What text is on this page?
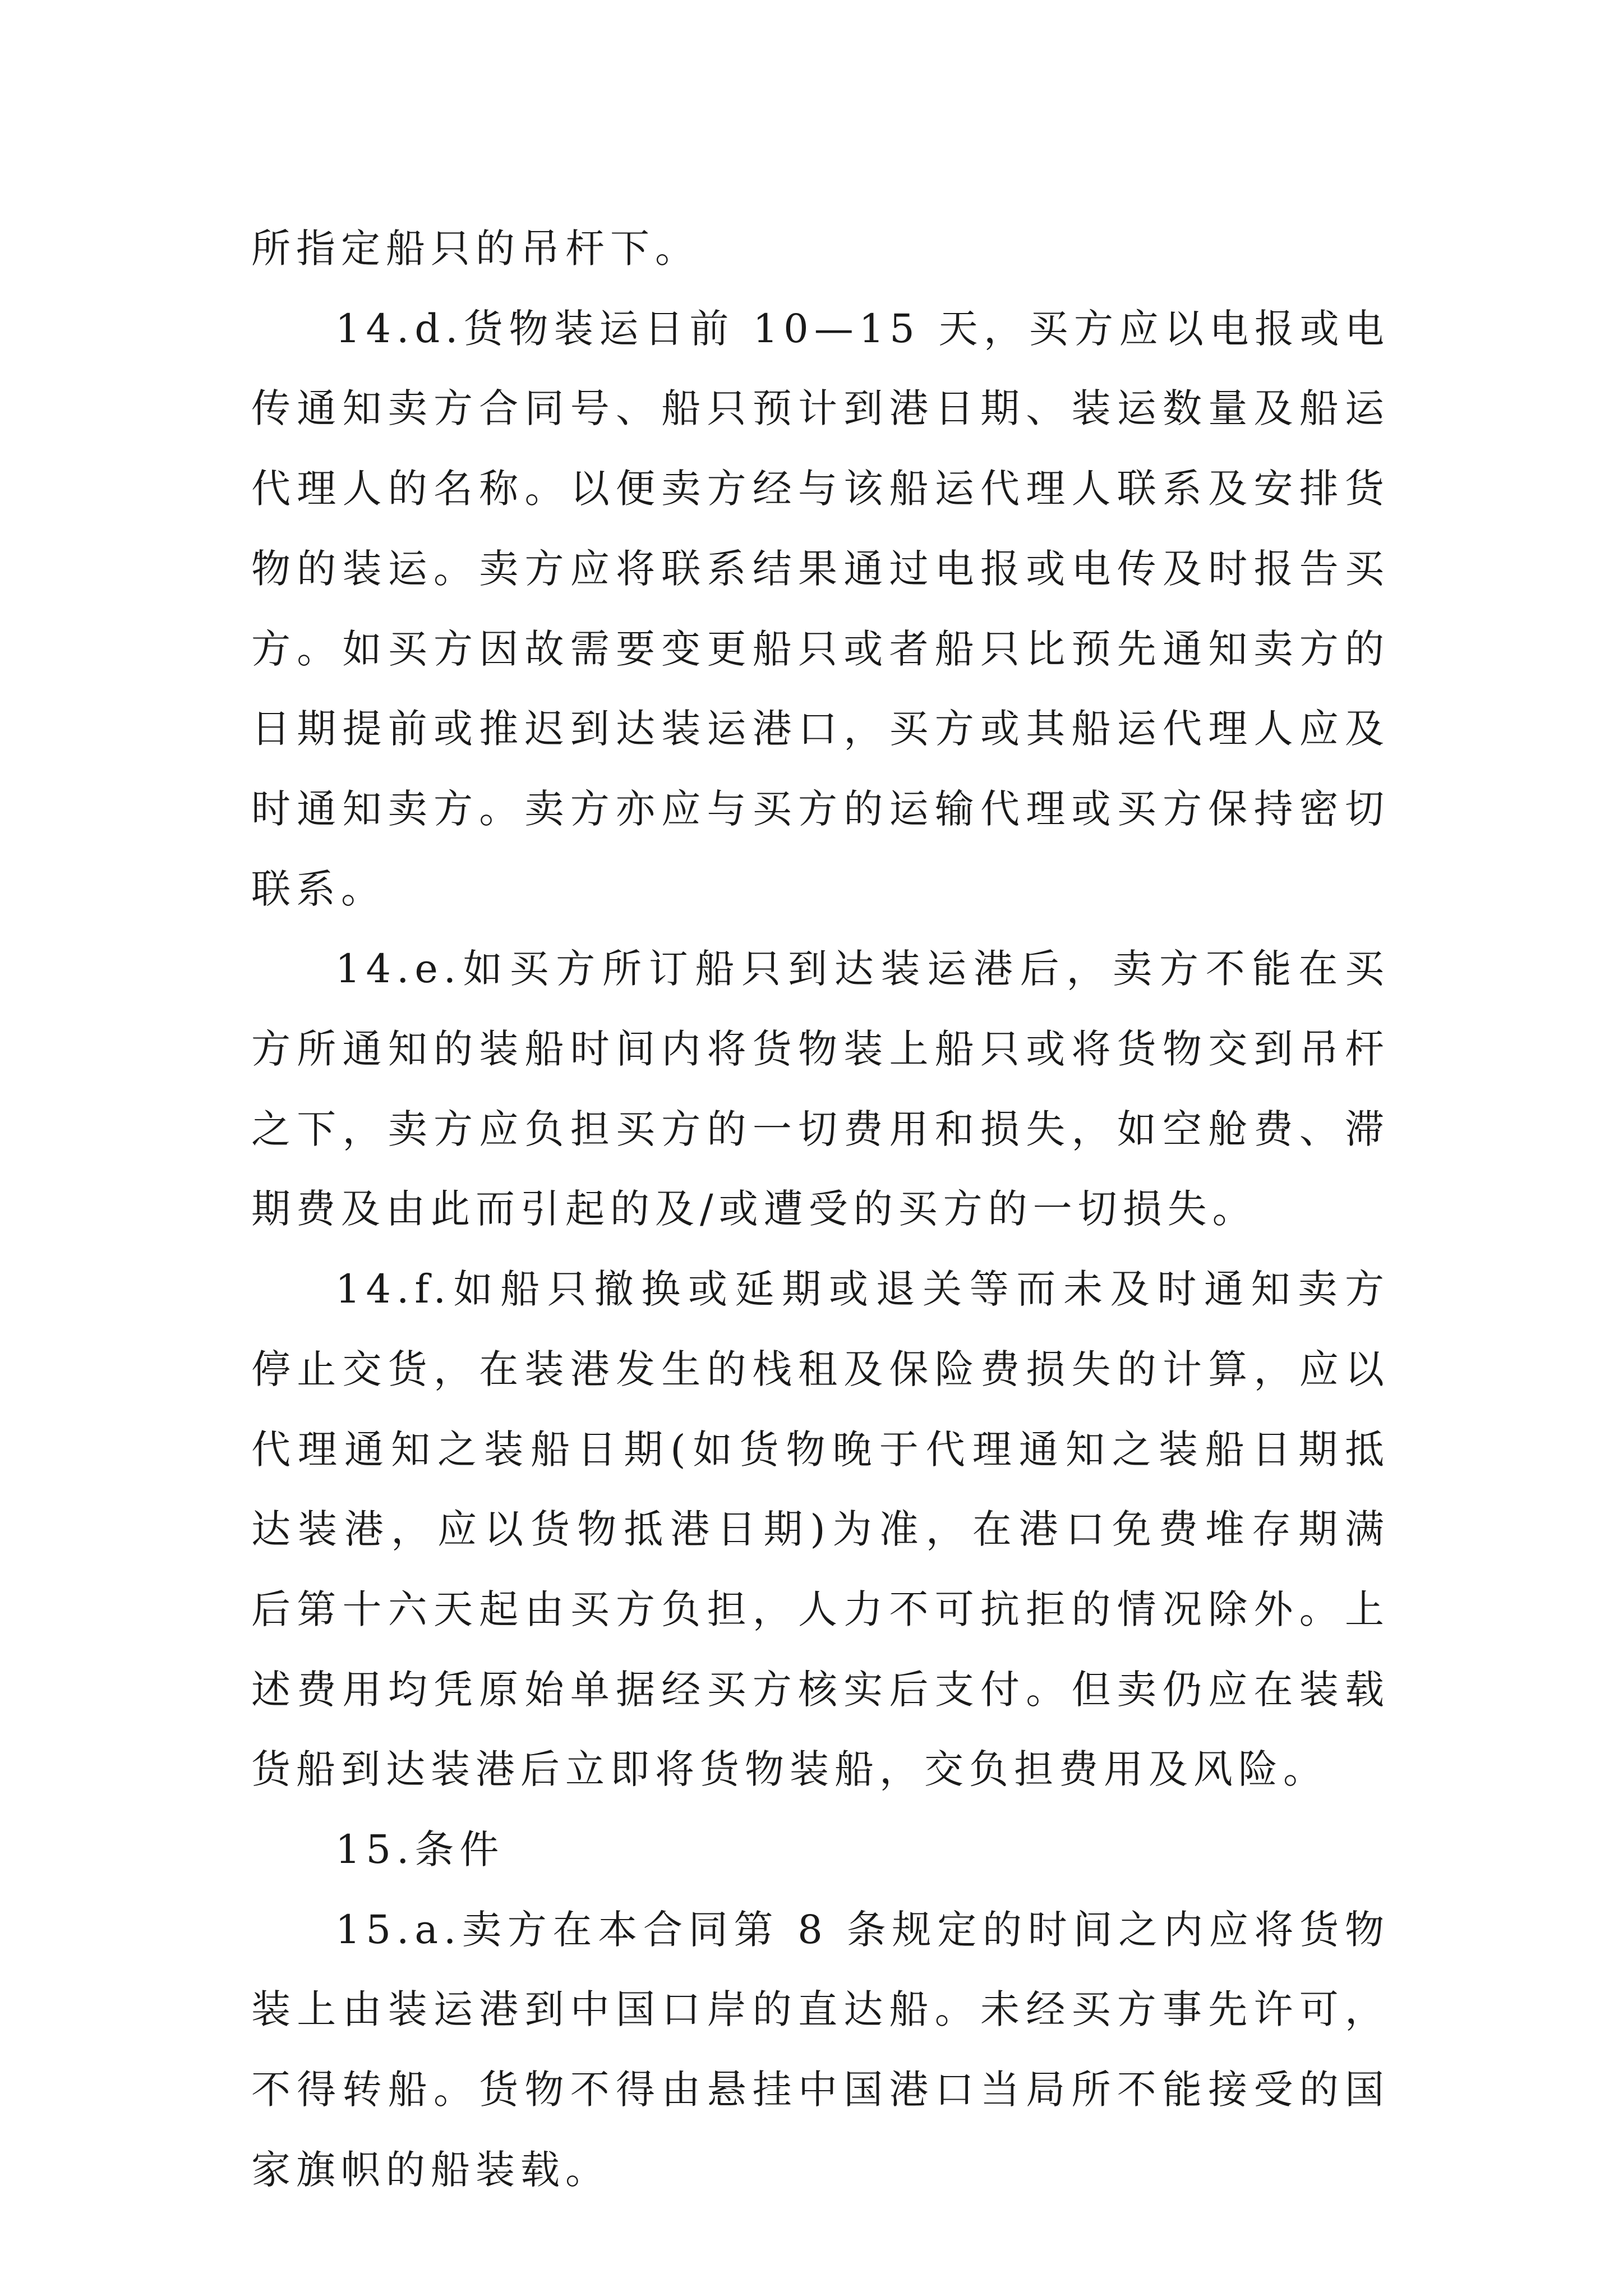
所指定船只的吊杆下。

14.d.货物装运日前 10—15 天，买方应以电报或电传通知卖方合同号、船只预计到港日期、装运数量及船运代理人的名称。以便卖方经与该船运代理人联系及安排货物的装运。卖方应将联系结果通过电报或电传及时报告买方。如买方因故需要变更船只或者船只比预先通知卖方的日期提前或推迟到达装运港口，买方或其船运代理人应及时通知卖方。卖方亦应与买方的运输代理或买方保持密切联系。

14.e.如买方所订船只到达装运港后，卖方不能在买方所通知的装船时间内将货物装上船只或将货物交到吊杆之下，卖方应负担买方的一切费用和损失，如空舱费、滞期费及由此而引起的及/或遭受的买方的一切损失。

14.f.如船只撤换或延期或退关等而未及时通知卖方停止交货，在装港发生的栈租及保险费损失的计算，应以代理通知之装船日期(如货物晚于代理通知之装船日期抵达装港，应以货物抵港日期)为准，在港口免费堆存期满后第十六天起由买方负担，人力不可抗拒的情况除外。上述费用均凭原始单据经买方核实后支付。但卖仍应在装载货船到达装港后立即将货物装船，交负担费用及风险。

15.条件

15.a.卖方在本合同第 8 条规定的时间之内应将货物装上由装运港到中国口岸的直达船。未经买方事先许可，不得转船。货物不得由悬挂中国港口当局所不能接受的国家旗帜的船装载。
